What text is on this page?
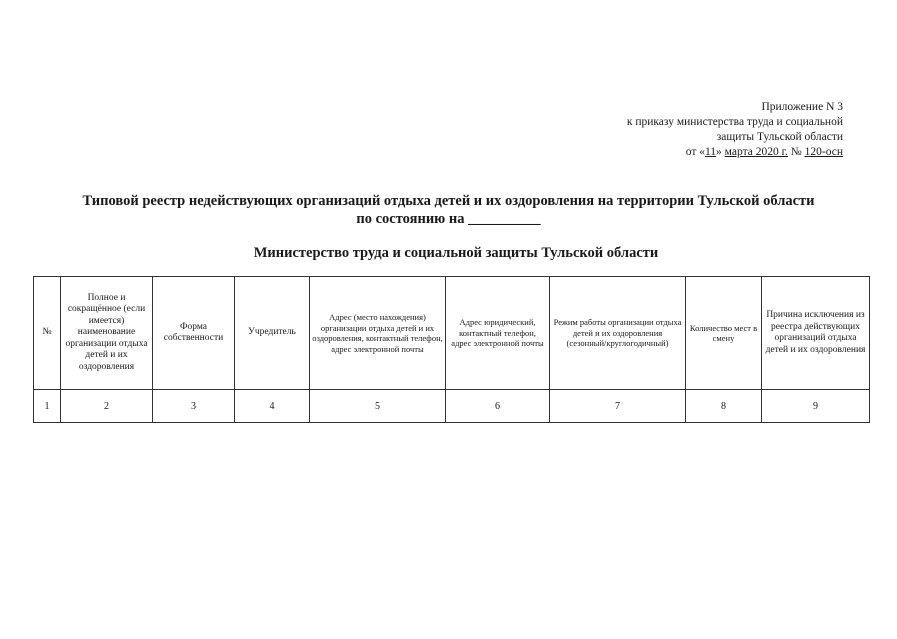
Приложение N 3
к приказу министерства труда и социальной
защиты Тульской области
от «11» марта 2020 г. № 120-осн
Типовой реестр недействующих организаций отдыха детей и их оздоровления на территории Тульской области
по состоянию на __________
Министерство труда и социальной защиты Тульской области
№	Полное и сокращённое (если имеется) наименование организации отдыха детей и их оздоровления	Форма собственности	Учредитель	Адрес (место нахождения) организации отдыха детей и их оздоровления, контактный телефон, адрес электронной почты	Адрес юридический, контактный телефон, адрес электронной почты	Режим работы организации отдыха детей и их оздоровления (сезонный/круглогодичный)	Количество мест в смену	Причина исключения из реестра действующих организаций отдыха детей и их оздоровления
1	2	3	4	5	6	7	8	9
